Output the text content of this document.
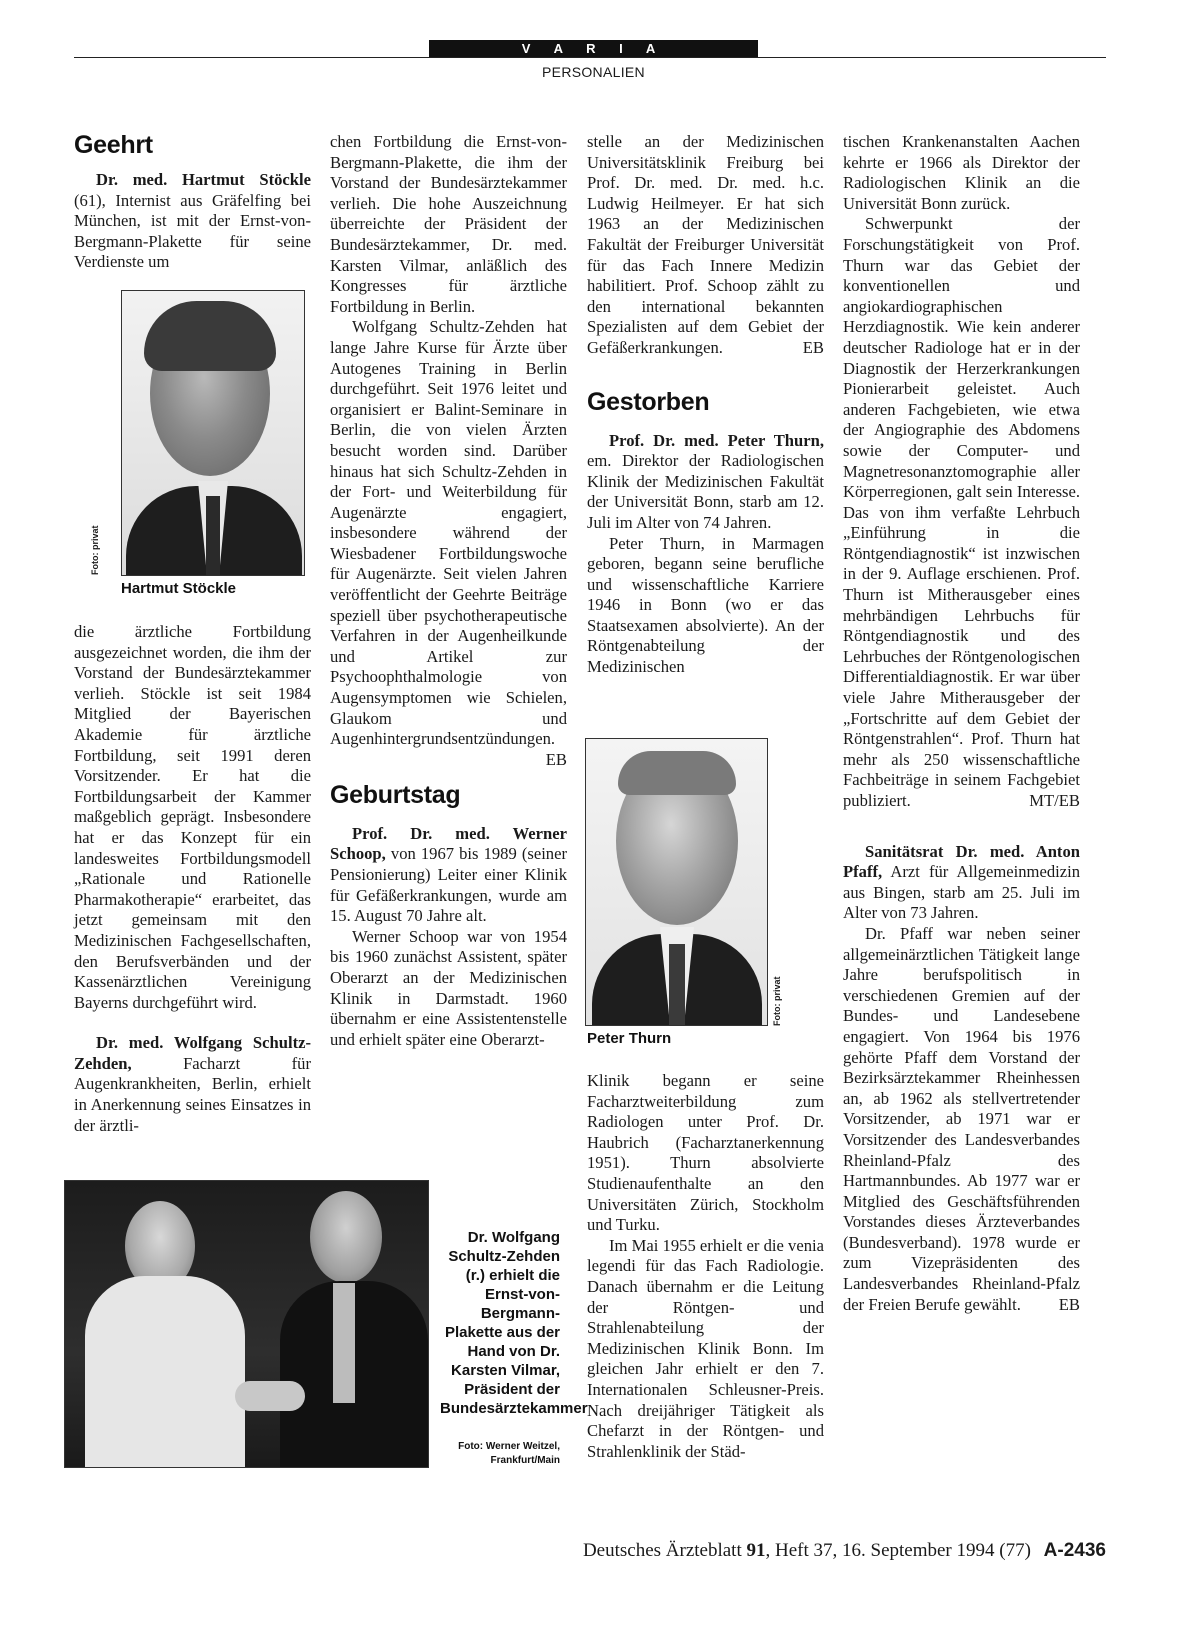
V A R I A
PERSONALIEN
Geehrt

Dr. med. Hartmut Stöckle (61), Internist aus Gräfelfing bei München, ist mit der Ernst-von-Bergmann-Plakette für seine Verdienste um

Foto: privat
Hartmut Stöckle

die ärztliche Fortbildung ausgezeichnet worden, die ihm der Vorstand der Bundesärztekammer verlieh. Stöckle ist seit 1984 Mitglied der Bayerischen Akademie für ärztliche Fortbildung, seit 1991 deren Vorsitzender. Er hat die Fortbildungsarbeit der Kammer maßgeblich geprägt. Insbesondere hat er das Konzept für ein landesweites Fortbildungsmodell „Rationale und Rationelle Pharmakotherapie“ erarbeitet, das jetzt gemeinsam mit den Medizinischen Fachgesellschaften, den Berufsverbänden und der Kassenärztlichen Vereinigung Bayerns durchgeführt wird.

Dr. med. Wolfgang Schultz-Zehden,	Facharzt für Augenkrankheiten, Berlin, erhielt in Anerkennung seines Einsatzes in der ärztli-

chen Fortbildung die Ernst-von-Bergmann-Plakette, die ihm der Vorstand der Bundesärztekammer verlieh. Die hohe Auszeichnung überreichte der Präsident der Bundesärztekammer, Dr. med. Karsten Vilmar, anläßlich des Kongresses für ärztliche Fortbildung in Berlin.

Wolfgang Schultz-Zehden hat lange Jahre Kurse für Ärzte über Autogenes Training in Berlin durchgeführt. Seit 1976 leitet und organisiert er Balint-Seminare in Berlin, die von vielen Ärzten besucht worden sind. Darüber hinaus hat sich Schultz-Zehden in der Fort- und Weiterbildung für Augenärzte engagiert, insbesondere während der Wiesbadener Fortbildungswoche für Augenärzte. Seit vielen Jahren veröffentlicht der Geehrte Beiträge speziell über psychotherapeutische Verfahren in der Augenheilkunde und Artikel zur Psychoophthalmologie von Augensymptomen wie Schielen, Glaukom und Augenhintergrundsentzündungen.
EB

Geburtstag

Prof. Dr. med. Werner Schoop, von 1967 bis 1989 (seiner Pensionierung) Leiter einer Klinik für Gefäßerkrankungen, wurde am 15. August 70 Jahre alt.

Werner Schoop war von 1954 bis 1960 zunächst Assistent, später Oberarzt an der Medizinischen Klinik in Darmstadt. 1960 übernahm er eine Assistentenstelle und erhielt später eine Oberarzt-

Dr. Wolfgang Schultz-Zehden (r.) erhielt die Ernst-von-Bergmann-Plakette aus der Hand von Dr. Karsten Vilmar, Präsident der Bundesärztekammer
Foto: Werner Weitzel, Frankfurt/Main

stelle an der Medizinischen Universitätsklinik Freiburg bei Prof. Dr. med. Dr. med. h.c. Ludwig Heilmeyer. Er hat sich 1963 an der Medizinischen Fakultät der Freiburger Universität für das Fach Innere Medizin habilitiert. Prof. Schoop zählt zu den international bekannten Spezialisten auf dem Gebiet der Gefäßerkrankungen.	EB

Gestorben

Prof. Dr. med. Peter Thurn, em. Direktor der Radiologischen Klinik der Medizinischen Fakultät der Universität Bonn, starb am 12. Juli im Alter von 74 Jahren.

Peter Thurn, in Marmagen geboren, begann seine berufliche und wissenschaftliche Karriere 1946 in Bonn (wo er das Staatsexamen absolvierte). An der Röntgenabteilung der Medizinischen

Foto: privat
Peter Thurn

Klinik begann er seine Facharztweiterbildung zum Radiologen unter Prof. Dr. Haubrich (Facharztanerkennung 1951). Thurn absolvierte Studienaufenthalte an den Universitäten Zürich, Stockholm und Turku.

Im Mai 1955 erhielt er die venia legendi für das Fach Radiologie. Danach übernahm er die Leitung der Röntgen- und Strahlenabteilung der Medizinischen Klinik Bonn. Im gleichen Jahr erhielt er den 7. Internationalen Schleusner-Preis. Nach dreijähriger Tätigkeit als Chefarzt in der Röntgen- und Strahlenklinik der Städ-

tischen Krankenanstalten Aachen kehrte er 1966 als Direktor der Radiologischen Klinik an die Universität Bonn zurück.

Schwerpunkt der Forschungstätigkeit von Prof. Thurn war das Gebiet der konventionellen und angiokardiographischen Herzdiagnostik. Wie kein anderer deutscher Radiologe hat er in der Diagnostik der Herzerkrankungen Pionierarbeit geleistet. Auch anderen Fachgebieten, wie etwa der Angiographie des Abdomens sowie der Computer- und Magnetresonanztomographie aller Körperregionen, galt sein Interesse. Das von ihm verfaßte Lehrbuch „Einführung in die Röntgendiagnostik“ ist inzwischen in der 9. Auflage erschienen. Prof. Thurn ist Mitherausgeber eines mehrbändigen Lehrbuchs für Röntgendiagnostik und des Lehrbuches der Röntgenologischen Differentialdiagnostik. Er war über viele Jahre Mitherausgeber der „Fortschritte auf dem Gebiet der Röntgenstrahlen“. Prof. Thurn hat mehr als 250 wissenschaftliche Fachbeiträge in seinem Fachgebiet publiziert.	MT/EB

Sanitätsrat Dr. med. Anton Pfaff, Arzt für Allgemeinmedizin aus Bingen, starb am 25. Juli im Alter von 73 Jahren.

Dr. Pfaff war neben seiner allgemeinärztlichen Tätigkeit lange Jahre berufspolitisch in verschiedenen Gremien auf der Bundes- und Landesebene engagiert. Von 1964 bis 1976 gehörte Pfaff dem Vorstand der Bezirksärztekammer Rheinhessen an, ab 1962 als stellvertretender Vorsitzender, ab 1971 war er Vorsitzender des Landesverbandes Rheinland-Pfalz des Hartmannbundes. Ab 1977 war er Mitglied des Geschäftsführenden Vorstandes dieses Ärzteverbandes (Bundesverband). 1978 wurde er zum Vizepräsidenten des Landesverbandes Rheinland-Pfalz der Freien Berufe gewählt.	EB

Deutsches Ärzteblatt 91, Heft 37, 16. September 1994 (77) A-2436
